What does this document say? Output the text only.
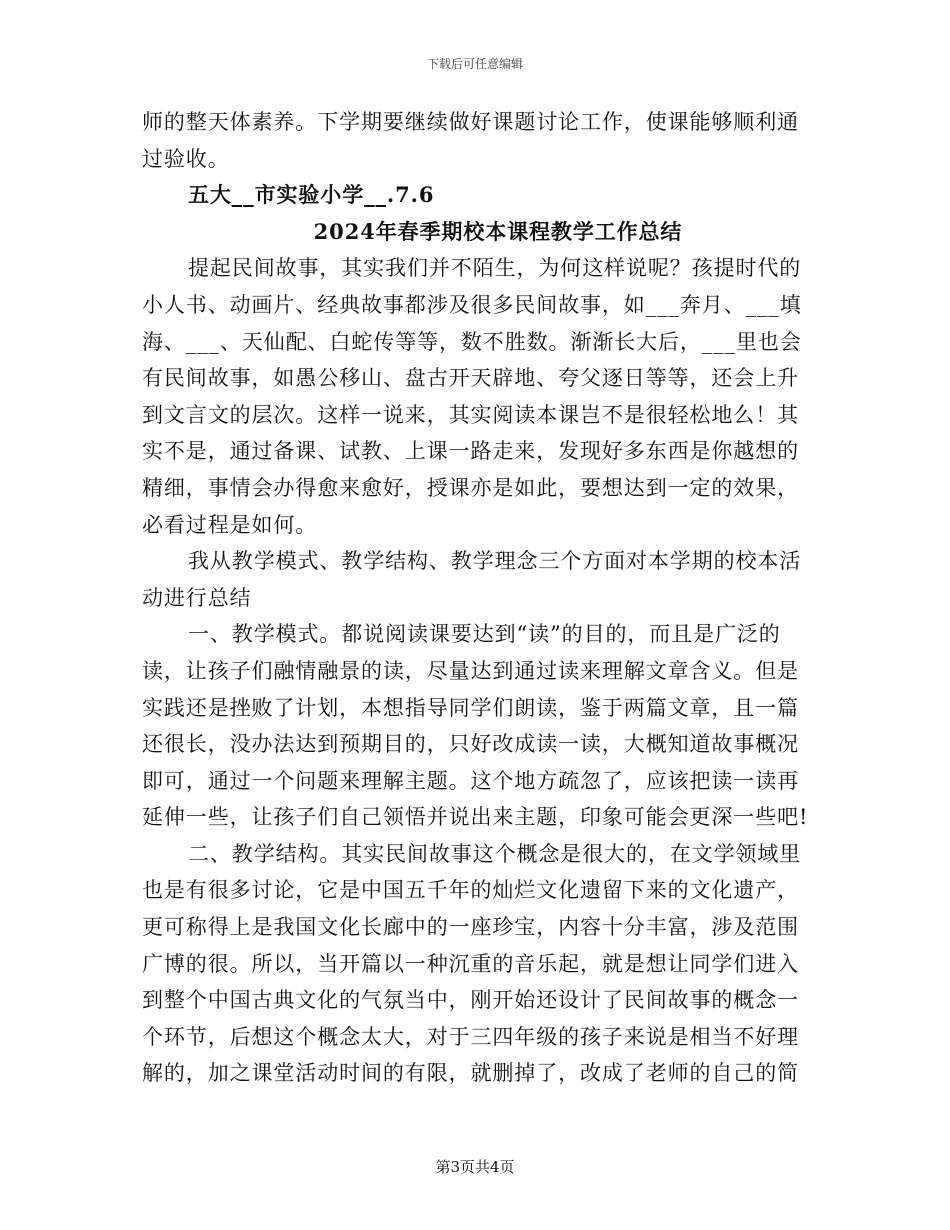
下载后可任意编辑
师的整天体素养。下学期要继续做好课题讨论工作，使课能够顺利通
过验收。
五大__市实验小学__.7.6
2024年春季期校本课程教学工作总结
提起民间故事，其实我们并不陌生，为何这样说呢？孩提时代的
小人书、动画片、经典故事都涉及很多民间故事，如___奔月、___填
海、___、天仙配、白蛇传等等，数不胜数。渐渐长大后，___里也会
有民间故事，如愚公移山、盘古开天辟地、夸父逐日等等，还会上升
到文言文的层次。这样一说来，其实阅读本课岂不是很轻松地么！其
实不是，通过备课、试教、上课一路走来，发现好多东西是你越想的
精细，事情会办得愈来愈好，授课亦是如此，要想达到一定的效果，
必看过程是如何。
我从教学模式、教学结构、教学理念三个方面对本学期的校本活
动进行总结
一、教学模式。都说阅读课要达到“读”的目的，而且是广泛的
读，让孩子们融情融景的读，尽量达到通过读来理解文章含义。但是
实践还是挫败了计划，本想指导同学们朗读，鉴于两篇文章，且一篇
还很长，没办法达到预期目的，只好改成读一读，大概知道故事概况
即可，通过一个问题来理解主题。这个地方疏忽了，应该把读一读再
延伸一些，让孩子们自己领悟并说出来主题，印象可能会更深一些吧!
二、教学结构。其实民间故事这个概念是很大的，在文学领域里
也是有很多讨论，它是中国五千年的灿烂文化遗留下来的文化遗产，
更可称得上是我国文化长廊中的一座珍宝，内容十分丰富，涉及范围
广博的很。所以，当开篇以一种沉重的音乐起，就是想让同学们进入
到整个中国古典文化的气氛当中，刚开始还设计了民间故事的概念一
个环节，后想这个概念太大，对于三四年级的孩子来说是相当不好理
解的，加之课堂活动时间的有限，就删掉了，改成了老师的自己的简
第3页共4页
